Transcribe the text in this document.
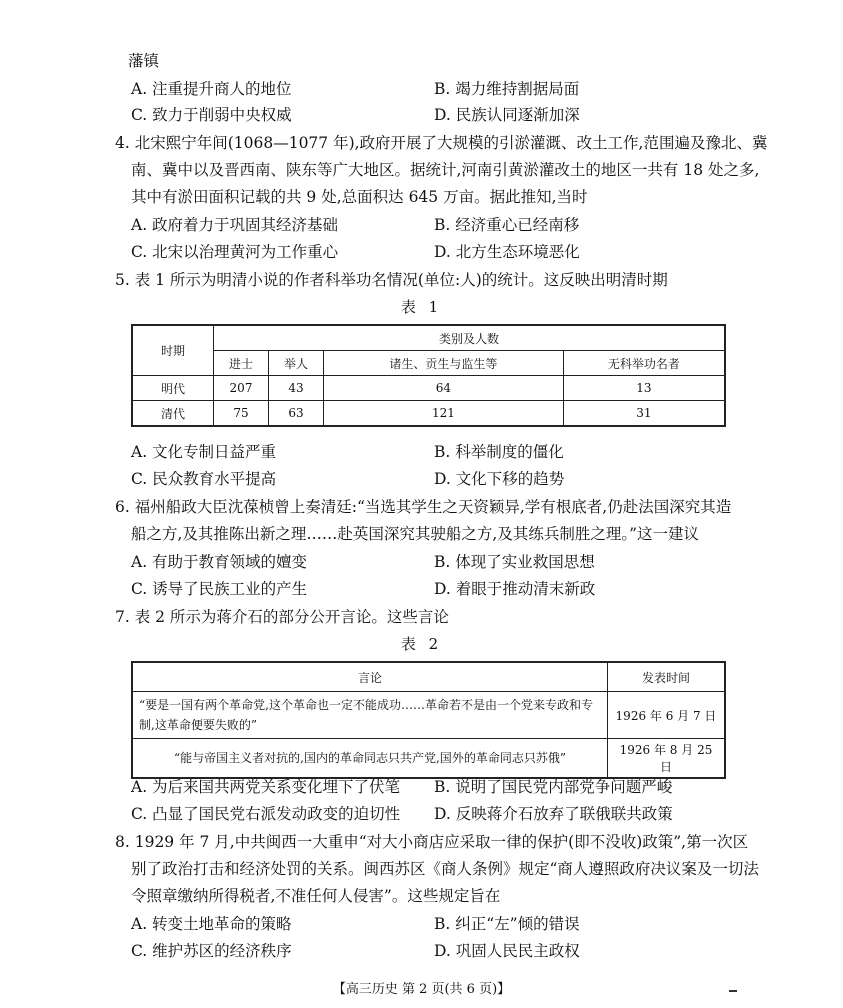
藩镇
A. 注重提升商人的地位	B. 竭力维持割据局面
C. 致力于削弱中央权威	D. 民族认同逐渐加深
4. 北宋熙宁年间(1068—1077 年),政府开展了大规模的引淤灌溉、改土工作,范围遍及豫北、冀
南、冀中以及晋西南、陕东等广大地区。据统计,河南引黄淤灌改土的地区一共有 18 处之多,
其中有淤田面积记载的共 9 处,总面积达 645 万亩。据此推知,当时
A. 政府着力于巩固其经济基础	B. 经济重心已经南移
C. 北宋以治理黄河为工作重心	D. 北方生态环境恶化
5. 表 1 所示为明清小说的作者科举功名情况(单位:人)的统计。这反映出明清时期
表 1
时期	类别及人数			
	进士	举人	诸生、贡生与监生等	无科举功名者
明代	207	43	64	13
清代	75	63	121	31
A. 文化专制日益严重	B. 科举制度的僵化
C. 民众教育水平提高	D. 文化下移的趋势
6. 福州船政大臣沈葆桢曾上奏清廷:“当选其学生之天资颖异,学有根底者,仍赴法国深究其造
船之方,及其推陈出新之理……赴英国深究其驶船之方,及其练兵制胜之理。”这一建议
A. 有助于教育领域的嬗变	B. 体现了实业救国思想
C. 诱导了民族工业的产生	D. 着眼于推动清末新政
7. 表 2 所示为蒋介石的部分公开言论。这些言论
表 2
言论	发表时间
“要是一国有两个革命党,这个革命也一定不能成功……革命若不是由一个党来专政和专制,这革命便要失败的”	1926 年 6 月 7 日
“能与帝国主义者对抗的,国内的革命同志只共产党,国外的革命同志只苏俄”	1926 年 8 月 25 日
A. 为后来国共两党关系变化埋下了伏笔 B. 说明了国民党内部党争问题严峻
C. 凸显了国民党右派发动政变的迫切性 D. 反映蒋介石放弃了联俄联共政策
8. 1929 年 7 月,中共闽西一大重申“对大小商店应采取一律的保护(即不没收)政策”,第一次区
别了政治打击和经济处罚的关系。闽西苏区《商人条例》规定“商人遵照政府决议案及一切法
令照章缴纳所得税者,不准任何人侵害”。这些规定旨在
A. 转变土地革命的策略	B. 纠正“左”倾的错误
C. 维护苏区的经济秩序	D. 巩固人民民主政权
【高三历史 第 2 页(共 6 页)】
